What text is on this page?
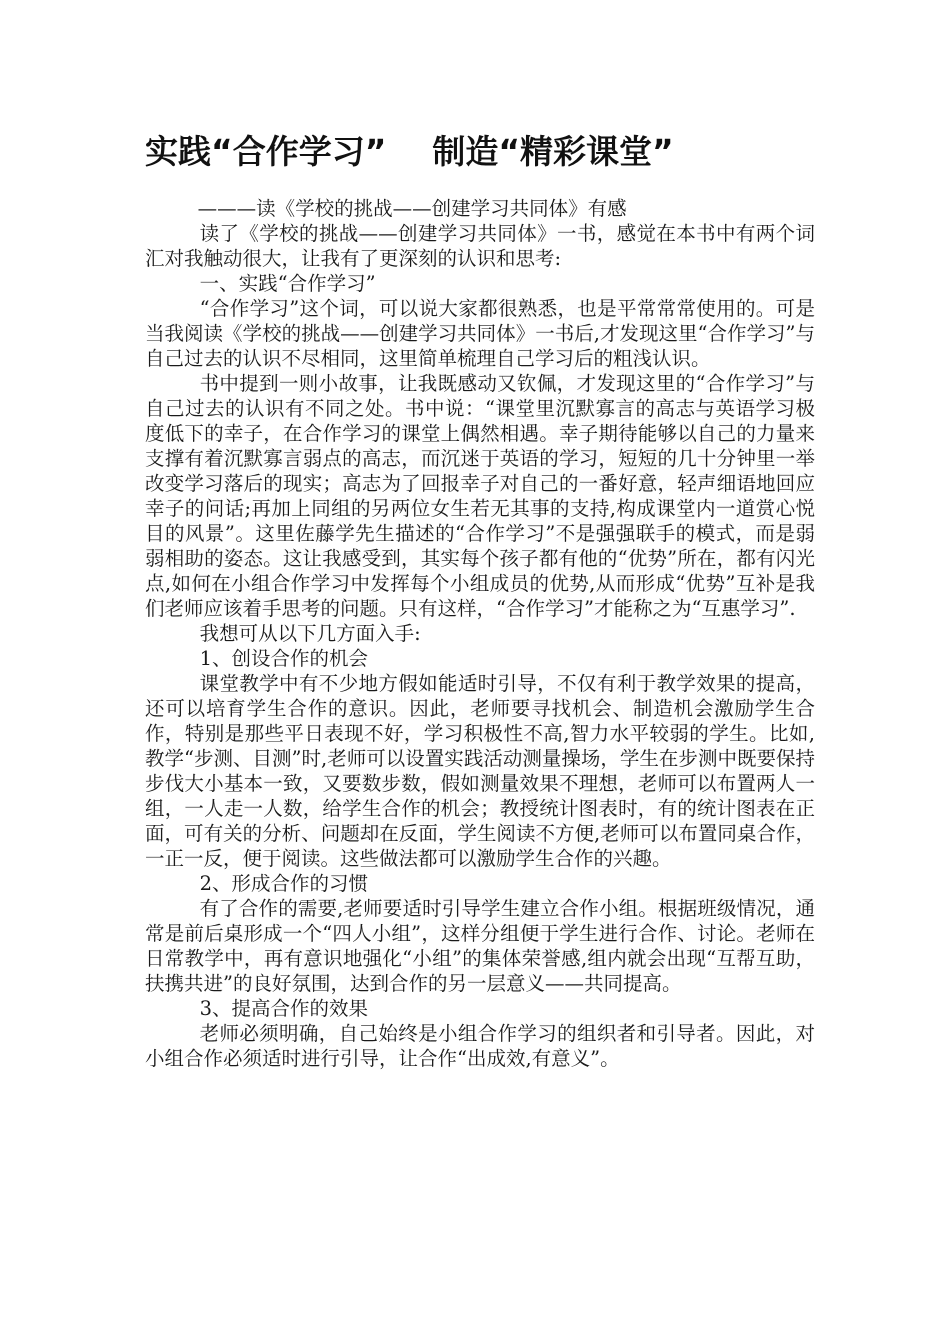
实践“合作学习”    制造“精彩课堂”

———读《学校的挑战——创建学习共同体》有感

读了《学校的挑战——创建学习共同体》一书，感觉在本书中有两个词汇对我触动很大，让我有了更深刻的认识和思考:

一、实践“合作学习”

“合作学习”这个词，可以说大家都很熟悉，也是平常常常使用的。可是当我阅读《学校的挑战——创建学习共同体》一书后,才发现这里“合作学习”与自己过去的认识不尽相同，这里简单梳理自己学习后的粗浅认识。

书中提到一则小故事，让我既感动又钦佩，才发现这里的“合作学习”与自己过去的认识有不同之处。书中说：“课堂里沉默寡言的高志与英语学习极度低下的幸子，在合作学习的课堂上偶然相遇。幸子期待能够以自己的力量来支撑有着沉默寡言弱点的高志，而沉迷于英语的学习，短短的几十分钟里一举改变学习落后的现实；高志为了回报幸子对自己的一番好意，轻声细语地回应幸子的问话;再加上同组的另两位女生若无其事的支持,构成课堂内一道赏心悦目的风景”。这里佐藤学先生描述的“合作学习”不是强强联手的模式，而是弱弱相助的姿态。这让我感受到，其实每个孩子都有他的“优势”所在，都有闪光点,如何在小组合作学习中发挥每个小组成员的优势,从而形成“优势”互补是我们老师应该着手思考的问题。只有这样，“合作学习”才能称之为“互惠学习”.

我想可从以下几方面入手:

1、创设合作的机会

课堂教学中有不少地方假如能适时引导，不仅有利于教学效果的提高，还可以培育学生合作的意识。因此，老师要寻找机会、制造机会激励学生合作，特别是那些平日表现不好，学习积极性不高,智力水平较弱的学生。比如,教学“步测、目测”时,老师可以设置实践活动测量操场，学生在步测中既要保持步伐大小基本一致，又要数步数，假如测量效果不理想，老师可以布置两人一组，一人走一人数，给学生合作的机会；教授统计图表时，有的统计图表在正面，可有关的分析、问题却在反面，学生阅读不方便,老师可以布置同桌合作，一正一反，便于阅读。这些做法都可以激励学生合作的兴趣。

2、形成合作的习惯

有了合作的需要,老师要适时引导学生建立合作小组。根据班级情况，通常是前后桌形成一个“四人小组”，这样分组便于学生进行合作、讨论。老师在日常教学中，再有意识地强化“小组”的集体荣誉感,组内就会出现“互帮互助，扶携共进”的良好氛围，达到合作的另一层意义——共同提高。

3、提高合作的效果

老师必须明确，自己始终是小组合作学习的组织者和引导者。因此，对小组合作必须适时进行引导，让合作“出成效,有意义”。
